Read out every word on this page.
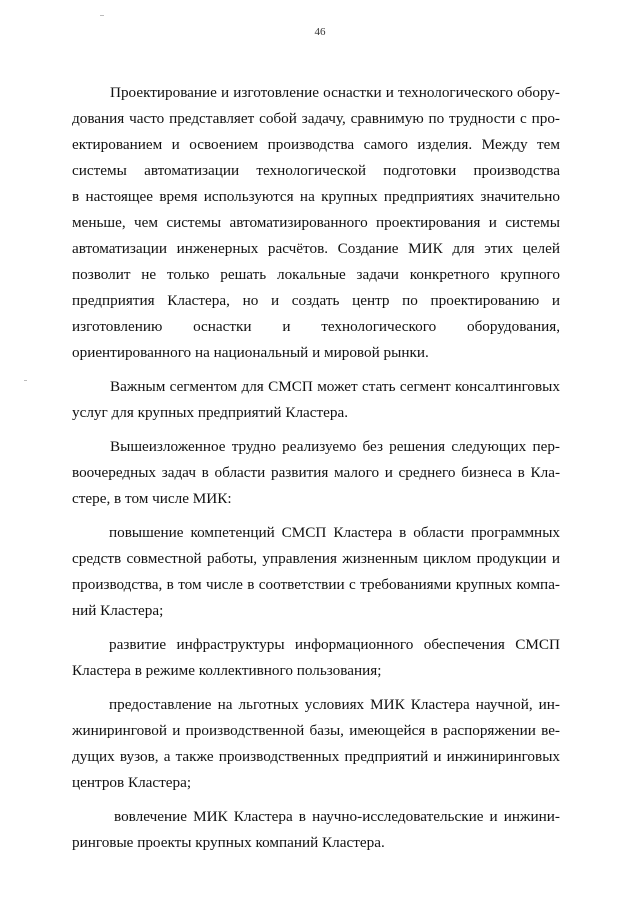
46
Проектирование и изготовление оснастки и технологического обору-
дования часто представляет собой задачу, сравнимую по трудности с про-
ектированием и освоением производства самого изделия. Между тем
системы автоматизации технологической подготовки производства
в настоящее время используются на крупных предприятиях значительно
меньше, чем системы автоматизированного проектирования и системы
автоматизации инженерных расчётов. Создание МИК для этих целей
позволит не только решать локальные задачи конкретного крупного
предприятия Кластера, но и создать центр по проектированию и
изготовлению оснастки и технологического оборудования,
ориентированного на национальный и мировой рынки.
Важным сегментом для СМСП может стать сегмент консалтинговых
услуг для крупных предприятий Кластера.
Вышеизложенное трудно реализуемо без решения следующих пер-
воочередных задач в области развития малого и среднего бизнеса в Кла-
стере, в том числе МИК:
повышение компетенций СМСП Кластера в области программных
средств совместной работы, управления жизненным циклом продукции и
производства, в том числе в соответствии с требованиями крупных компа-
ний Кластера;
развитие инфраструктуры информационного обеспечения СМСП
Кластера в режиме коллективного пользования;
предоставление на льготных условиях МИК Кластера научной, ин-
жиниринговой и производственной базы, имеющейся в распоряжении ве-
дущих вузов, а также производственных предприятий и инжиниринговых
центров Кластера;
вовлечение МИК Кластера в научно-исследовательские и инжини-
ринговые проекты крупных компаний Кластера.
